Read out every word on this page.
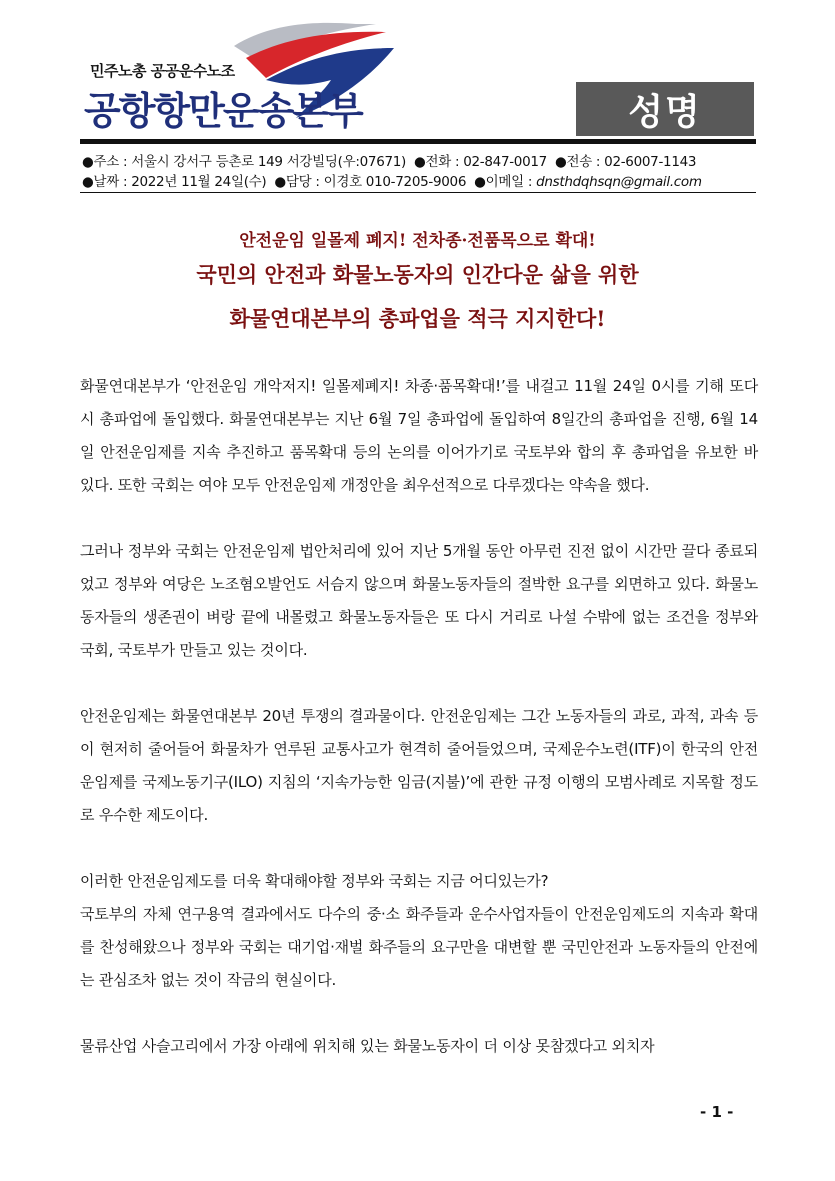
민주노총 공공운수노조
공항항만운송본부	성명
●주소 : 서울시 강서구 등촌로 149 서강빌딩(우:07671) ●전화 : 02-847-0017 ●전송 : 02-6007-1143
●날짜 : 2022년 11월 24일(수) ●담당 : 이경호 010-7205-9006 ●이메일 : dnsthdqhsqn@gmail.com
안전운임 일몰제 폐지! 전차종·전품목으로 확대!
국민의 안전과 화물노동자의 인간다운 삶을 위한
화물연대본부의 총파업을 적극 지지한다!

화물연대본부가 ‘안전운임 개악저지! 일몰제폐지! 차종·품목확대!’를 내걸고 11월 24일 0시를 기해 또다시 총파업에 돌입했다. 화물연대본부는 지난 6월 7일 총파업에 돌입하여 8일간의 총파업을 진행, 6월 14일 안전운임제를 지속 추진하고 품목확대 등의 논의를 이어가기로 국토부와 합의 후 총파업을 유보한 바 있다. 또한 국회는 여야 모두 안전운임제 개정안을 최우선적으로 다루겠다는 약속을 했다.

그러나 정부와 국회는 안전운임제 법안처리에 있어 지난 5개월 동안 아무런 진전 없이 시간만 끌다 종료되었고 정부와 여당은 노조혐오발언도 서슴지 않으며 화물노동자들의 절박한 요구를 외면하고 있다. 화물노동자들의 생존권이 벼랑 끝에 내몰렸고 화물노동자들은 또 다시 거리로 나설 수밖에 없는 조건을 정부와 국회, 국토부가 만들고 있는 것이다.

안전운임제는 화물연대본부 20년 투쟁의 결과물이다. 안전운임제는 그간 노동자들의 과로, 과적, 과속 등이 현저히 줄어들어 화물차가 연루된 교통사고가 현격히 줄어들었으며, 국제운수노련(ITF)이 한국의 안전운임제를 국제노동기구(ILO) 지침의 ‘지속가능한 임금(지불)’에 관한 규정 이행의 모범사례로 지목할 정도로 우수한 제도이다.

이러한 안전운임제도를 더욱 확대해야할 정부와 국회는 지금 어디있는가?

국토부의 자체 연구용역 결과에서도 다수의 중·소 화주들과 운수사업자들이 안전운임제도의 지속과 확대를 찬성해왔으나 정부와 국회는 대기업·재벌 화주들의 요구만을 대변할 뿐 국민안전과 노동자들의 안전에는 관심조차 없는 것이 작금의 현실이다.

물류산업 사슬고리에서 가장 아래에 위치해 있는 화물노동자이 더 이상 못참겠다고 외치자

- 1 -
